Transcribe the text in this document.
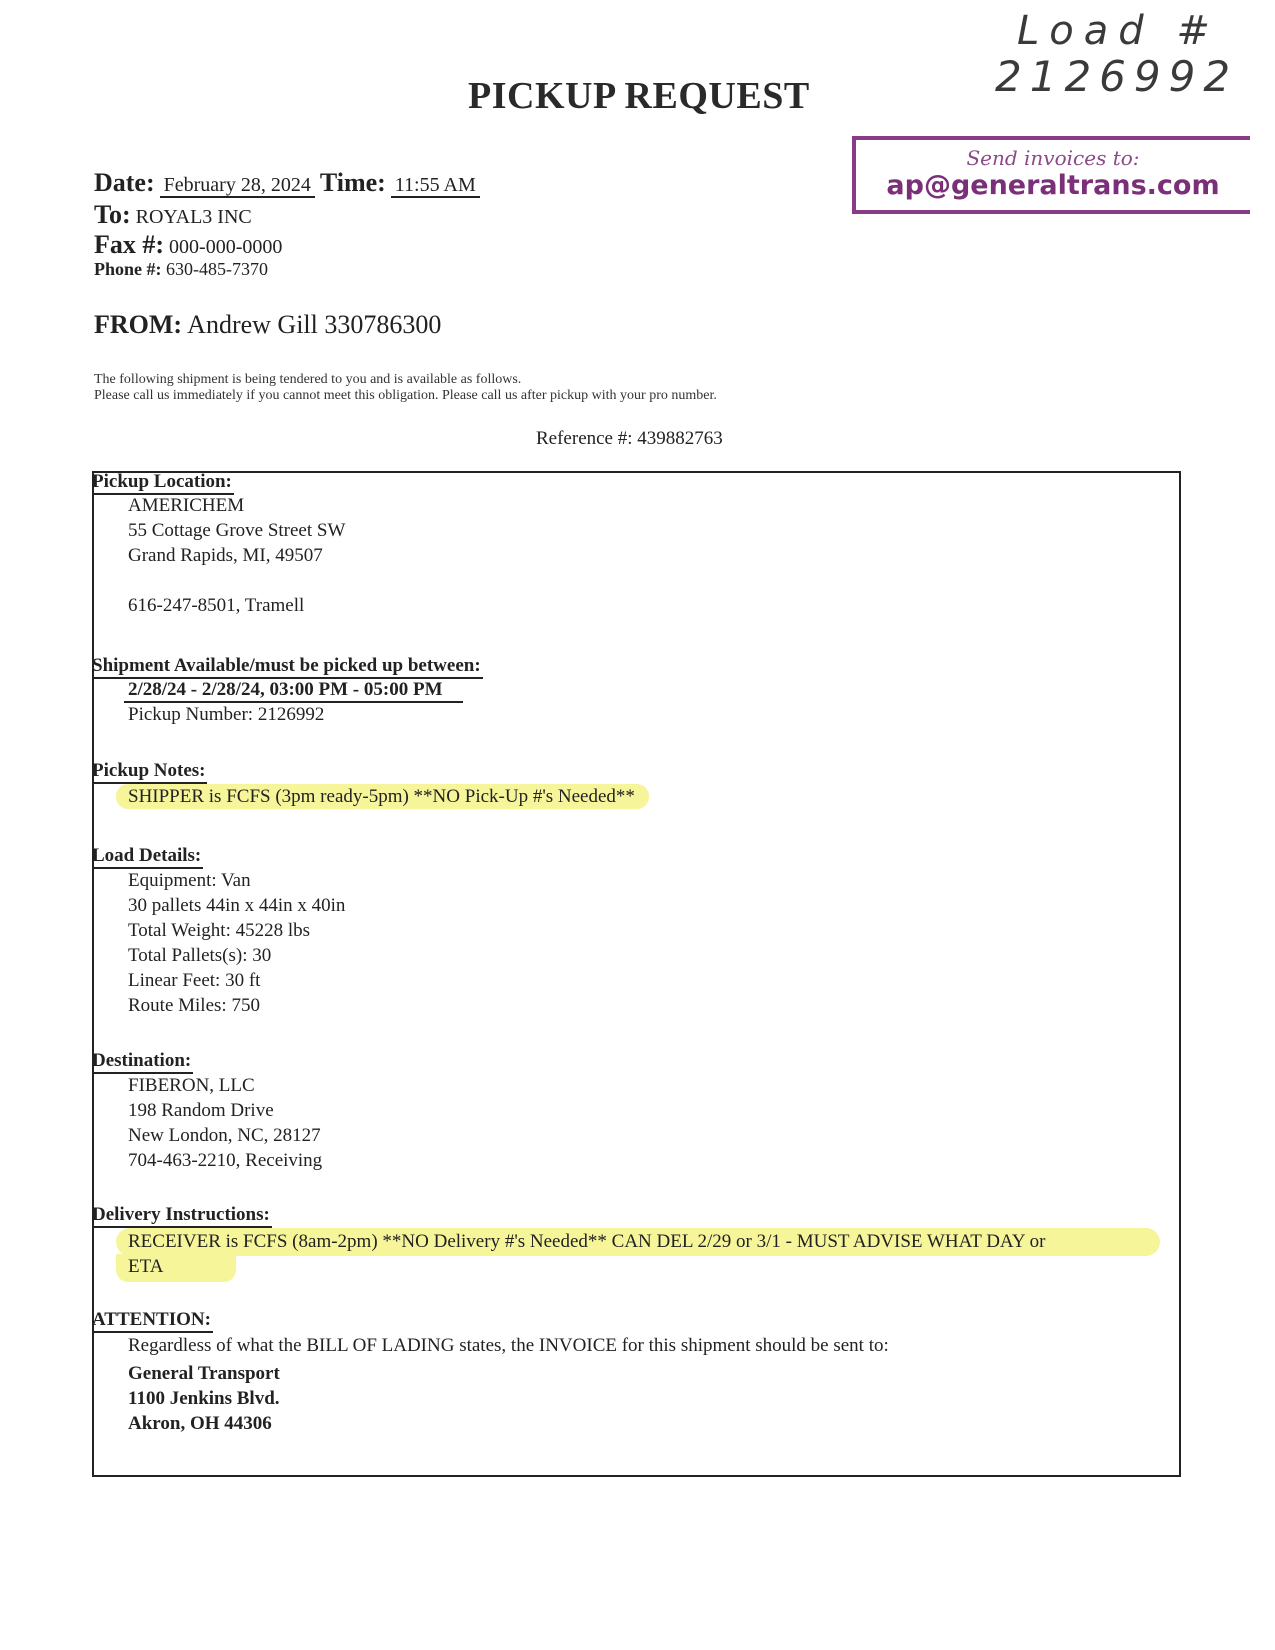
Load #
2126992
PICKUP REQUEST
Send invoices to:
ap@generaltrans.com
Date: February 28, 2024 Time: 11:55 AM
To: ROYAL3 INC
Fax #: 000-000-0000
Phone #: 630-485-7370
FROM: Andrew Gill 330786300
The following shipment is being tendered to you and is available as follows.
Please call us immediately if you cannot meet this obligation. Please call us after pickup with your pro number.
Reference #: 439882763
Pickup Location:
AMERICHEM
55 Cottage Grove Street SW
Grand Rapids, MI, 49507
616-247-8501, Tramell
Shipment Available/must be picked up between:
2/28/24 - 2/28/24, 03:00 PM - 05:00 PM
Pickup Number: 2126992
Pickup Notes:
SHIPPER is FCFS (3pm ready-5pm) **NO Pick-Up #'s Needed**
Load Details:
Equipment: Van
30 pallets 44in x 44in x 40in
Total Weight: 45228 lbs
Total Pallets(s): 30
Linear Feet: 30 ft
Route Miles: 750
Destination:
FIBERON, LLC
198 Random Drive
New London, NC, 28127
704-463-2210, Receiving
Delivery Instructions:
RECEIVER is FCFS (8am-2pm) **NO Delivery #'s Needed** CAN DEL 2/29 or 3/1 - MUST ADVISE WHAT DAY or
ETA
ATTENTION:
Regardless of what the BILL OF LADING states, the INVOICE for this shipment should be sent to:
General Transport
1100 Jenkins Blvd.
Akron, OH 44306
